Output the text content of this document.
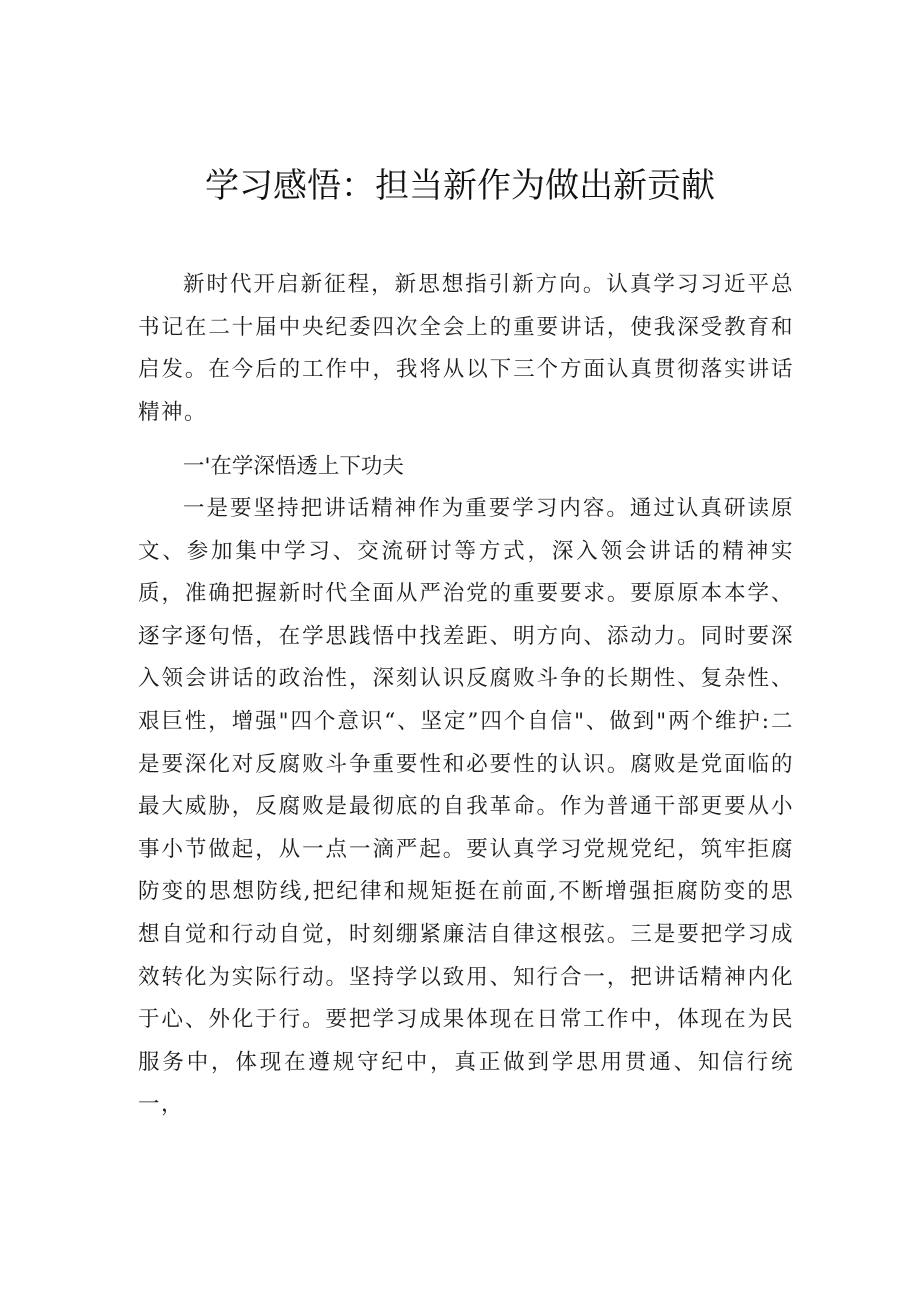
学习感悟：担当新作为做出新贡献

新时代开启新征程，新思想指引新方向。认真学习习近平总书记在二十届中央纪委四次全会上的重要讲话，使我深受教育和启发。在今后的工作中，我将从以下三个方面认真贯彻落实讲话精神。

一'在学深悟透上下功夫

一是要坚持把讲话精神作为重要学习内容。通过认真研读原文、参加集中学习、交流研讨等方式，深入领会讲话的精神实质，准确把握新时代全面从严治党的重要要求。要原原本本学、逐字逐句悟，在学思践悟中找差距、明方向、添动力。同时要深入领会讲话的政治性，深刻认识反腐败斗争的长期性、复杂性、艰巨性，增强"四个意识“、坚定”四个自信"、做到"两个维护:二是要深化对反腐败斗争重要性和必要性的认识。腐败是党面临的最大威胁，反腐败是最彻底的自我革命。作为普通干部更要从小事小节做起，从一点一滴严起。要认真学习党规党纪，筑牢拒腐防变的思想防线,把纪律和规矩挺在前面,不断增强拒腐防变的思想自觉和行动自觉，时刻绷紧廉洁自律这根弦。三是要把学习成效转化为实际行动。坚持学以致用、知行合一，把讲话精神内化于心、外化于行。要把学习成果体现在日常工作中，体现在为民服务中，体现在遵规守纪中，真正做到学思用贯通、知信行统一，
